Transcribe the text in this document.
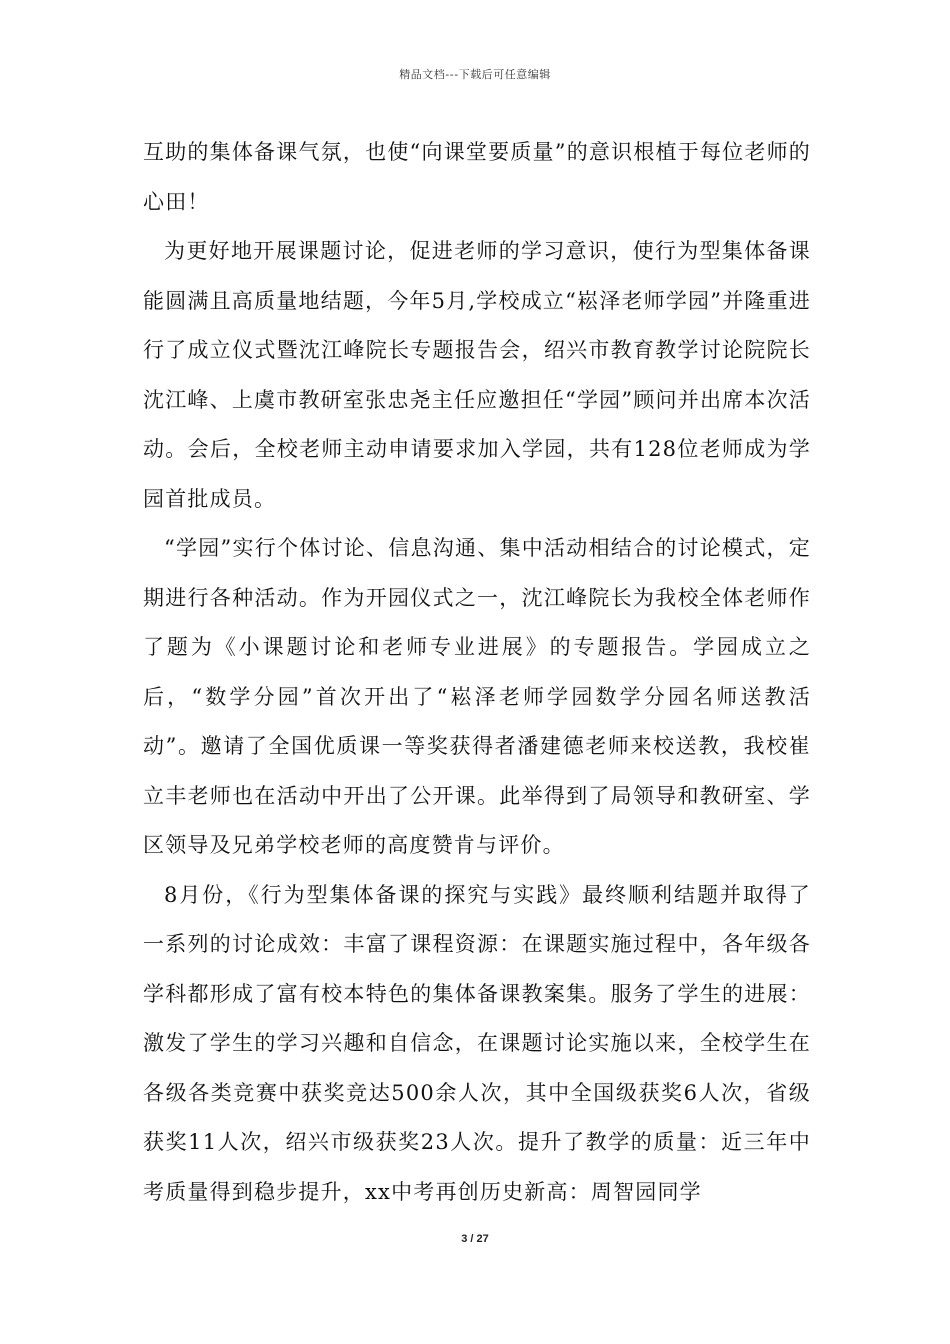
精品文档---下载后可任意编辑

互助的集体备课气氛，也使“向课堂要质量”的意识根植于每位老师的心田！

为更好地开展课题讨论，促进老师的学习意识，使行为型集体备课能圆满且高质量地结题，今年5月,学校成立“崧泽老师学园”并隆重进行了成立仪式暨沈江峰院长专题报告会，绍兴市教育教学讨论院院长沈江峰、上虞市教研室张忠尧主任应邀担任“学园”顾问并出席本次活动。会后，全校老师主动申请要求加入学园，共有128位老师成为学园首批成员。

“学园”实行个体讨论、信息沟通、集中活动相结合的讨论模式，定期进行各种活动。作为开园仪式之一，沈江峰院长为我校全体老师作了题为《小课题讨论和老师专业进展》的专题报告。学园成立之后，“数学分园”首次开出了“崧泽老师学园数学分园名师送教活动”。邀请了全国优质课一等奖获得者潘建德老师来校送教，我校崔立丰老师也在活动中开出了公开课。此举得到了局领导和教研室、学区领导及兄弟学校老师的高度赞肯与评价。

8月份，《行为型集体备课的探究与实践》最终顺利结题并取得了一系列的讨论成效：丰富了课程资源：在课题实施过程中，各年级各学科都形成了富有校本特色的集体备课教案集。服务了学生的进展：激发了学生的学习兴趣和自信念，在课题讨论实施以来，全校学生在各级各类竞赛中获奖竞达500余人次，其中全国级获奖6人次，省级获奖11人次，绍兴市级获奖23人次。提升了教学的质量：近三年中考质量得到稳步提升，xx中考再创历史新高：周智园同学

3 / 27
